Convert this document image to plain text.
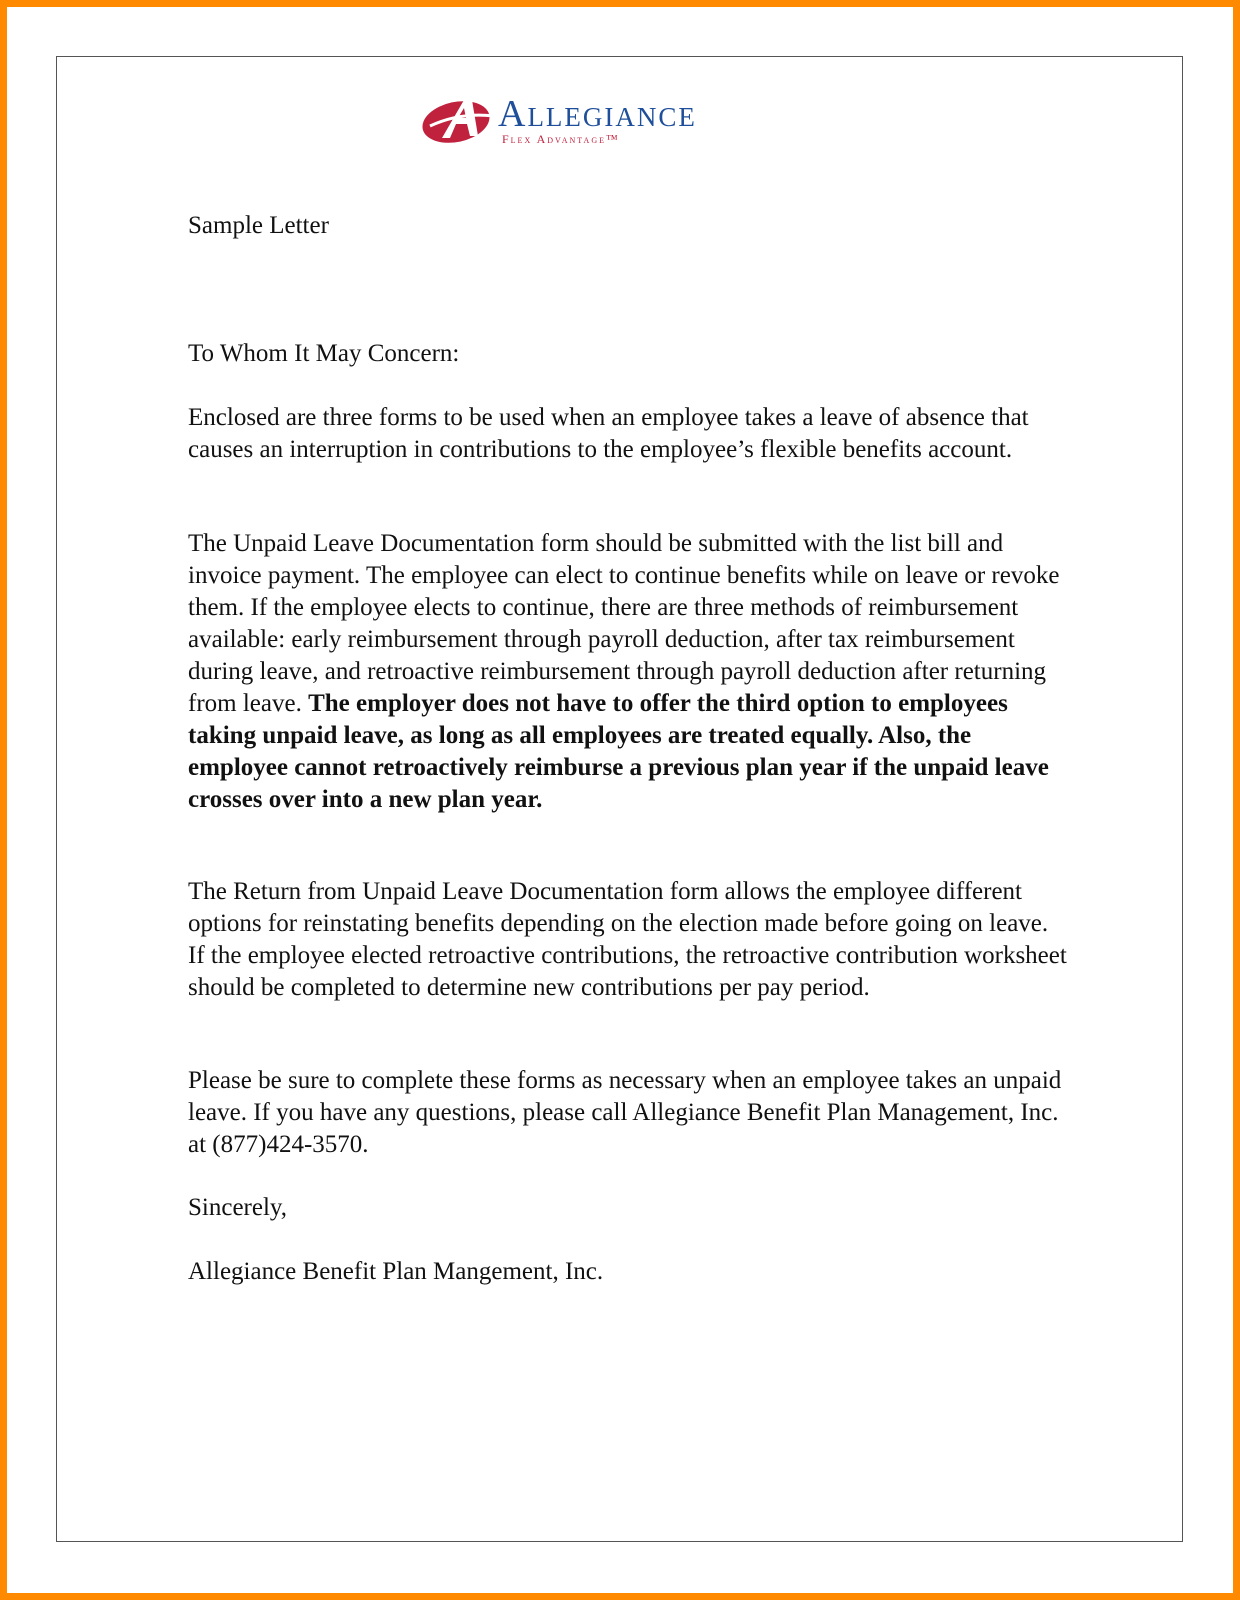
Allegiance
Flex Advantage™

Sample Letter

To Whom It May Concern:

Enclosed are three forms to be used when an employee takes a leave of absence that causes an interruption in contributions to the employee’s flexible benefits account.

The Unpaid Leave Documentation form should be submitted with the list bill and invoice payment. The employee can elect to continue benefits while on leave or revoke them. If the employee elects to continue, there are three methods of reimbursement available: early reimbursement through payroll deduction, after tax reimbursement during leave, and retroactive reimbursement through payroll deduction after returning from leave. The employer does not have to offer the third option to employees taking unpaid leave, as long as all employees are treated equally. Also, the employee cannot retroactively reimburse a previous plan year if the unpaid leave crosses over into a new plan year.

The Return from Unpaid Leave Documentation form allows the employee different options for reinstating benefits depending on the election made before going on leave. If the employee elected retroactive contributions, the retroactive contribution worksheet should be completed to determine new contributions per pay period.

Please be sure to complete these forms as necessary when an employee takes an unpaid leave. If you have any questions, please call Allegiance Benefit Plan Management, Inc. at (877)424-3570.

Sincerely,

Allegiance Benefit Plan Mangement, Inc.
